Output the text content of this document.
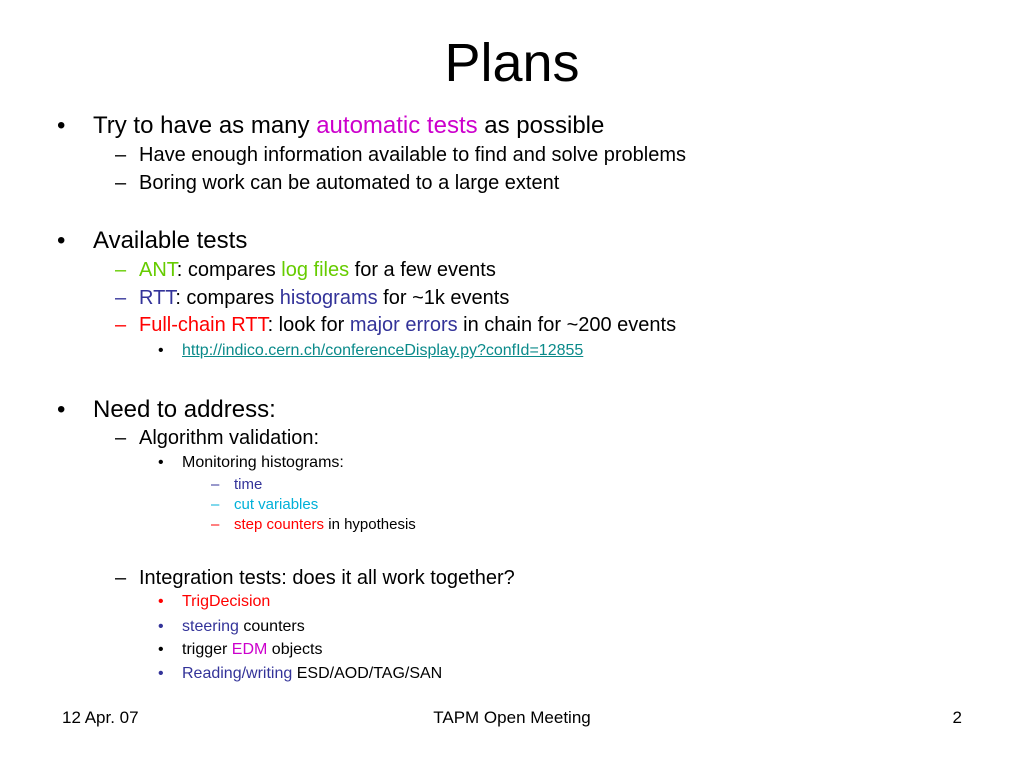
Plans
• Try to have as many automatic tests as possible
– Have enough information available to find and solve problems
– Boring work can be automated to a large extent
• Available tests
– ANT: compares log files for a few events
– RTT: compares histograms for ~1k events
– Full-chain RTT: look for major errors in chain for ~200 events
• http://indico.cern.ch/conferenceDisplay.py?confId=12855
• Need to address:
– Algorithm validation:
• Monitoring histograms:
– time
– cut variables
– step counters in hypothesis
– Integration tests: does it all work together?
• TrigDecision
• steering counters
• trigger EDM objects
• Reading/writing ESD/AOD/TAG/SAN
12 Apr. 07	TAPM Open Meeting	2
